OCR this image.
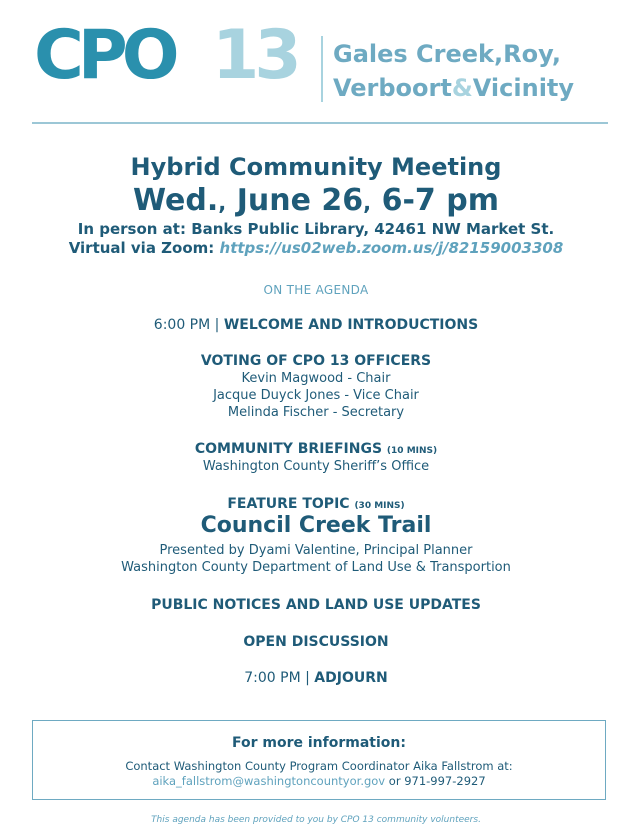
CPO 13 Gales Creek,Roy,
Verboort&Vicinity
Hybrid Community Meeting
Wed., June 26, 6-7 pm
In person at: Banks Public Library, 42461 NW Market St.
Virtual via Zoom: https://us02web.zoom.us/j/82159003308
ON THE AGENDA
6:00 PM | WELCOME AND INTRODUCTIONS
VOTING OF CPO 13 OFFICERS
Kevin Magwood - Chair
Jacque Duyck Jones - Vice Chair
Melinda Fischer - Secretary
COMMUNITY BRIEFINGS (10 MINS)
Washington County Sheriff’s Office
FEATURE TOPIC (30 MINS)
Council Creek Trail
Presented by Dyami Valentine, Principal Planner
Washington County Department of Land Use & Transportion
PUBLIC NOTICES AND LAND USE UPDATES
OPEN DISCUSSION
7:00 PM | ADJOURN
For more information:
Contact Washington County Program Coordinator Aika Fallstrom at:
aika_fallstrom@washingtoncountyor.gov or 971-997-2927
This agenda has been provided to you by CPO 13 community volunteers.
